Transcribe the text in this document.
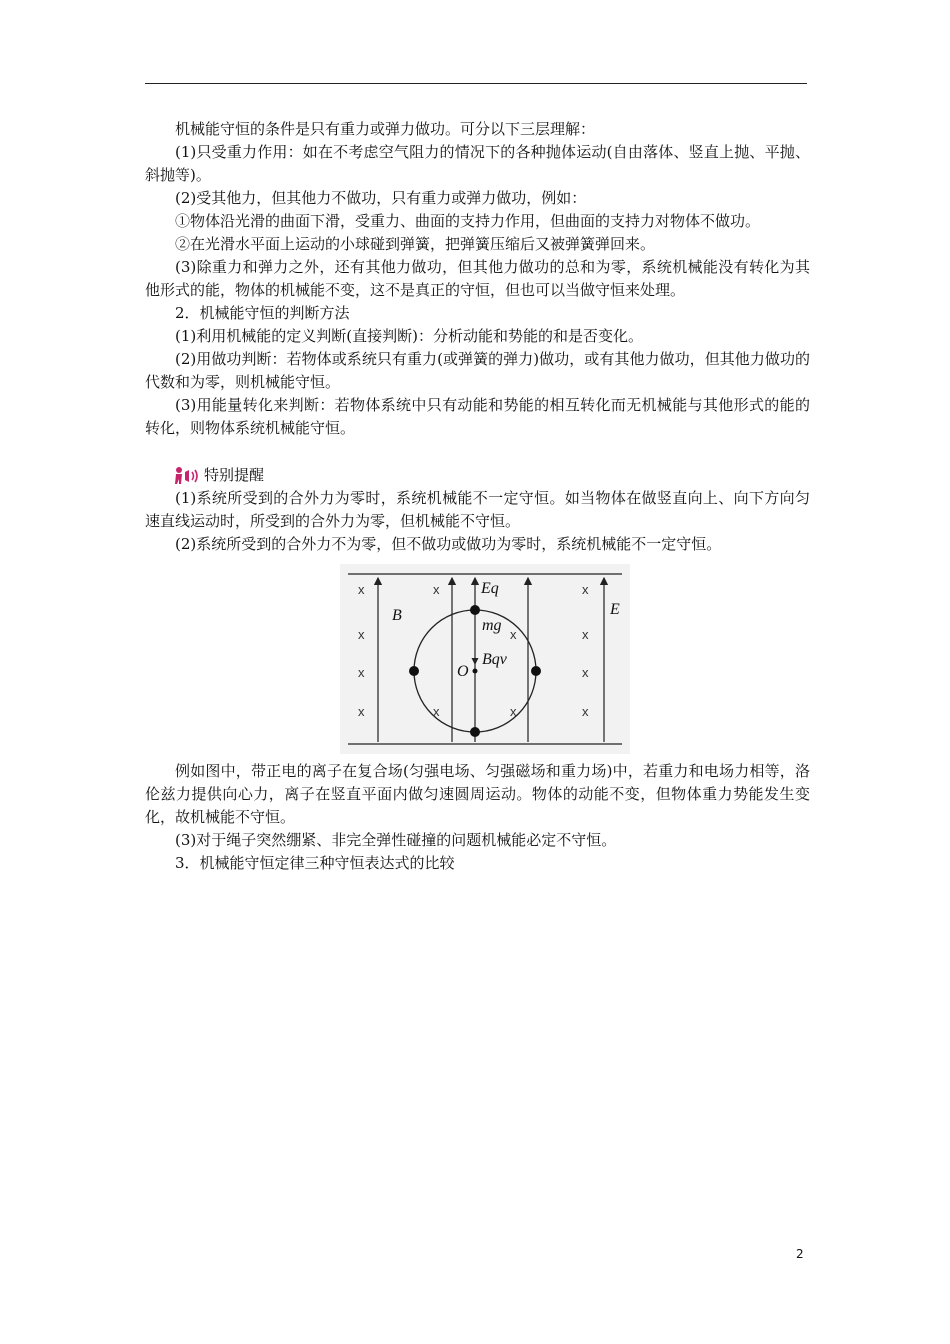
机械能守恒的条件是只有重力或弹力做功。可分以下三层理解：

(1)只受重力作用：如在不考虑空气阻力的情况下的各种抛体运动(自由落体、竖直上抛、平抛、斜抛等)。

(2)受其他力，但其他力不做功，只有重力或弹力做功，例如：

①物体沿光滑的曲面下滑，受重力、曲面的支持力作用，但曲面的支持力对物体不做功。

②在光滑水平面上运动的小球碰到弹簧，把弹簧压缩后又被弹簧弹回来。

(3)除重力和弹力之外，还有其他力做功，但其他力做功的总和为零，系统机械能没有转化为其他形式的能，物体的机械能不变，这不是真正的守恒，但也可以当做守恒来处理。

2．机械能守恒的判断方法

(1)利用机械能的定义判断(直接判断)：分析动能和势能的和是否变化。

(2)用做功判断：若物体或系统只有重力(或弹簧的弹力)做功，或有其他力做功，但其他力做功的代数和为零，则机械能守恒。

(3)用能量转化来判断：若物体系统中只有动能和势能的相互转化而无机械能与其他形式的能的转化，则物体系统机械能守恒。

特别提醒

(1)系统所受到的合外力为零时，系统机械能不一定守恒。如当物体在做竖直向上、向下方向匀速直线运动时，所受到的合外力为零，但机械能不守恒。

(2)系统所受到的合外力不为零，但不做功或做功为零时，系统机械能不一定守恒。

x
x
x
x
x
x
x	x
x
x
x
x
B	E
Eq
mg
O
Bqv

例如图中，带正电的离子在复合场(匀强电场、匀强磁场和重力场)中，若重力和电场力相等，洛伦兹力提供向心力，离子在竖直平面内做匀速圆周运动。物体的动能不变，但物体重力势能发生变化，故机械能不守恒。

(3)对于绳子突然绷紧、非完全弹性碰撞的问题机械能必定不守恒。

3．机械能守恒定律三种守恒表达式的比较

2
